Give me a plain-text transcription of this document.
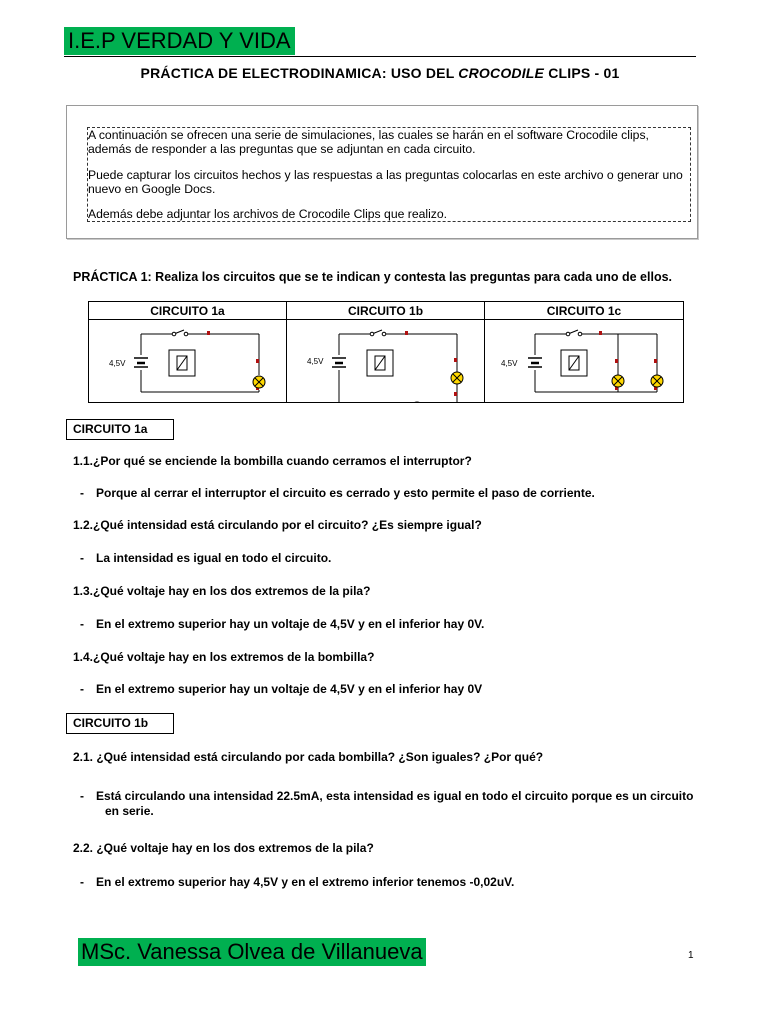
I.E.P VERDAD Y VIDA
PRÁCTICA DE ELECTRODINAMICA: USO DEL CROCODILE CLIPS - 01
A continuación se ofrecen una serie de simulaciones, las cuales se harán en el software Crocodile clips, además de responder a las preguntas que se adjuntan en cada circuito.
Puede capturar los circuitos hechos y las respuestas a las preguntas colocarlas en este archivo o generar uno nuevo en Google Docs.
Además debe adjuntar los archivos de Crocodile Clips que realizo.
PRÁCTICA 1: Realiza los circuitos que se te indican y contesta las preguntas para cada uno de ellos.
CIRCUITO 1a	CIRCUITO 1b	CIRCUITO 1c

4,5V	4,5V	4,5V
CIRCUITO 1a
1.1.¿Por qué se enciende la bombilla cuando cerramos el interruptor?
- Porque al cerrar el interruptor el circuito es cerrado y esto permite el paso de corriente.
1.2.¿Qué intensidad está circulando por el circuito? ¿Es siempre igual?
- La intensidad es igual en todo el circuito.
1.3.¿Qué voltaje hay en los dos extremos de la pila?
- En el extremo superior hay un voltaje de 4,5V y en el inferior hay 0V.
1.4.¿Qué voltaje hay en los extremos de la bombilla?
- En el extremo superior hay un voltaje de 4,5V y en el inferior hay 0V
CIRCUITO 1b
2.1. ¿Qué intensidad está circulando por cada bombilla? ¿Son iguales? ¿Por qué?
- Está circulando una intensidad 22.5mA, esta intensidad es igual en todo el circuito porque es un circuito
en serie.
2.2. ¿Qué voltaje hay en los dos extremos de la pila?
- En el extremo superior hay 4,5V y en el extremo inferior tenemos -0,02uV.
MSc. Vanessa Olvea de Villanueva	1
